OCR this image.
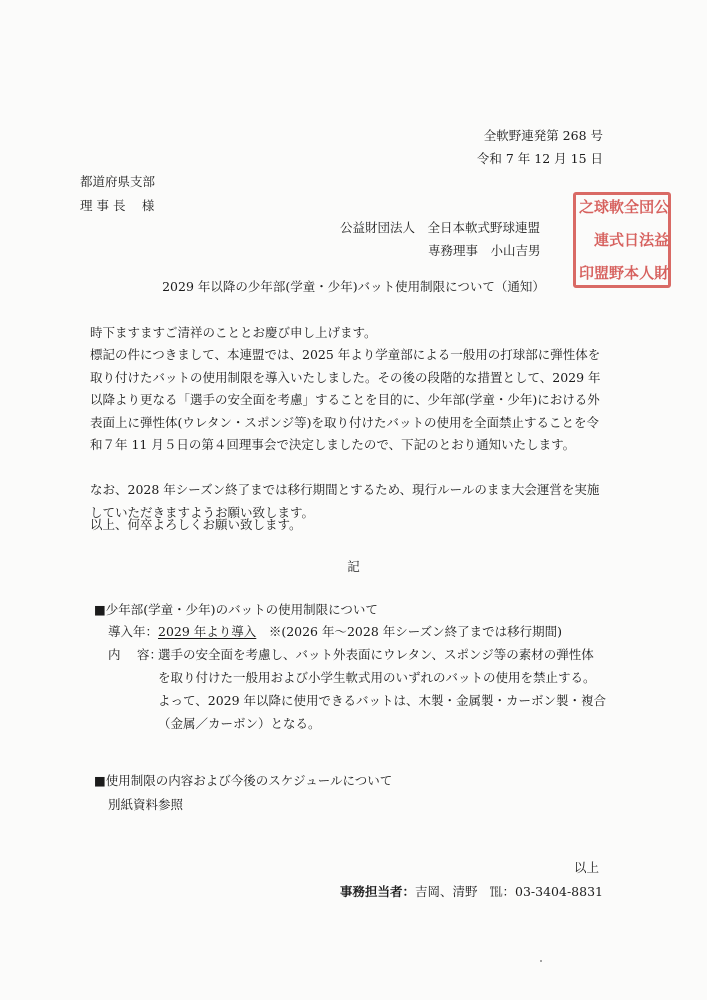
全軟野連発第 268 号
令和 7 年 12 月 15 日
都道府県支部
理 事 長　 様
公益財団法人　全日本軟式野球連盟
専務理事　小山吉男
公
益
財
団
法
人
全
日
本
軟
式
野
球
連
盟
之

印
2029 年以降の少年部(学童・少年)バット使用制限について（通知）
時下ますますご清祥のこととお慶び申し上げます。
標記の件につきまして、本連盟では、2025 年より学童部による一般用の打球部に弾性体を取り付けたバットの使用制限を導入いたしました。その後の段階的な措置として、2029 年以降より更なる「選手の安全面を考慮」することを目的に、少年部(学童・少年)における外表面上に弾性体(ウレタン・スポンジ等)を取り付けたバットの使用を全面禁止することを令和７年 11 月５日の第４回理事会で決定しましたので、下記のとおり通知いたします。
なお、2028 年シーズン終了までは移行期間とするため、現行ルールのまま大会運営を実施していただきますようお願い致します。
以上、何卒よろしくお願い致します。
記
■少年部(学童・少年)のバットの使用制限について
導入年：2029 年より導入　※(2026 年～2028 年シーズン終了までは移行期間)
内　 容：
選手の安全面を考慮し、バット外表面にウレタン、スポンジ等の素材の弾性体
を取り付けた一般用および小学生軟式用のいずれのバットの使用を禁止する。
よって、2029 年以降に使用できるバットは、木製・金属製・カーボン製・複合
（金属／カーボン）となる。
■使用制限の内容および今後のスケジュールについて
別紙資料参照
以上
事務担当者：吉岡、清野　 ℡：03-3404-8831
